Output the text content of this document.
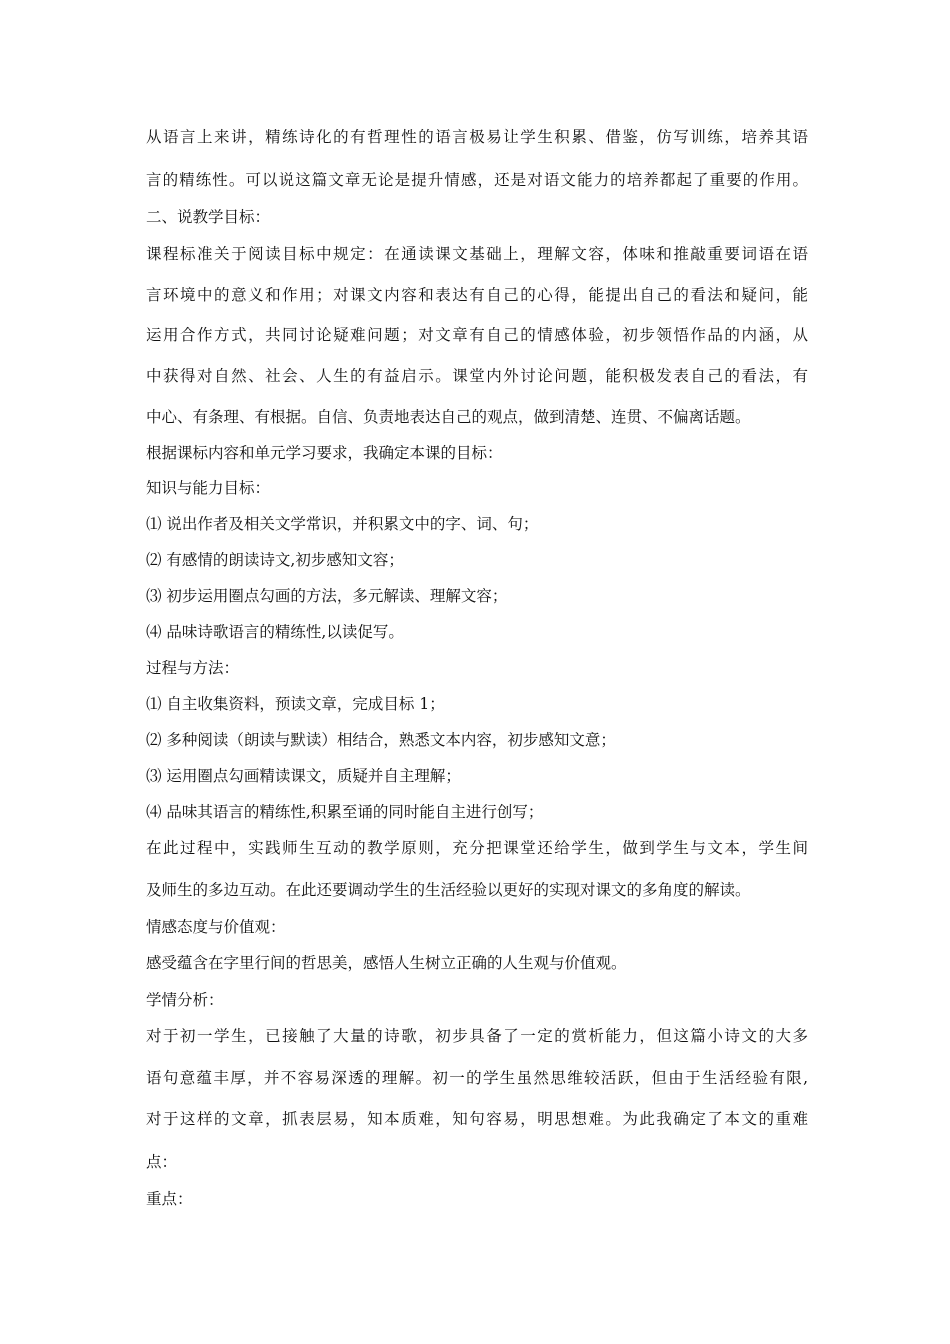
从语言上来讲，精练诗化的有哲理性的语言极易让学生积累、借鉴，仿写训练，培养其语
言的精练性。可以说这篇文章无论是提升情感，还是对语文能力的培养都起了重要的作用。
二、说教学目标：
课程标准关于阅读目标中规定：在通读课文基础上，理解文容，体味和推敲重要词语在语
言环境中的意义和作用；对课文内容和表达有自己的心得，能提出自己的看法和疑问，能
运用合作方式，共同讨论疑难问题；对文章有自己的情感体验，初步领悟作品的内涵，从
中获得对自然、社会、人生的有益启示。课堂内外讨论问题，能积极发表自己的看法，有
中心、有条理、有根据。自信、负责地表达自己的观点，做到清楚、连贯、不偏离话题。
根据课标内容和单元学习要求，我确定本课的目标：
知识与能力目标：
⑴ 说出作者及相关文学常识，并积累文中的字、词、句；
⑵ 有感情的朗读诗文,初步感知文容；
⑶ 初步运用圈点勾画的方法，多元解读、理解文容；
⑷ 品味诗歌语言的精练性,以读促写。
过程与方法：
⑴ 自主收集资料，预读文章，完成目标 1；
⑵ 多种阅读（朗读与默读）相结合，熟悉文本内容，初步感知文意；
⑶ 运用圈点勾画精读课文，质疑并自主理解；
⑷ 品味其语言的精练性,积累至诵的同时能自主进行创写；
在此过程中，实践师生互动的教学原则，充分把课堂还给学生，做到学生与文本，学生间
及师生的多边互动。在此还要调动学生的生活经验以更好的实现对课文的多角度的解读。
情感态度与价值观：
感受蕴含在字里行间的哲思美，感悟人生树立正确的人生观与价值观。
学情分析：
对于初一学生，已接触了大量的诗歌，初步具备了一定的赏析能力，但这篇小诗文的大多
语句意蕴丰厚，并不容易深透的理解。初一的学生虽然思维较活跃，但由于生活经验有限,
对于这样的文章，抓表层易，知本质难，知句容易，明思想难。为此我确定了本文的重难
点：
重点：
